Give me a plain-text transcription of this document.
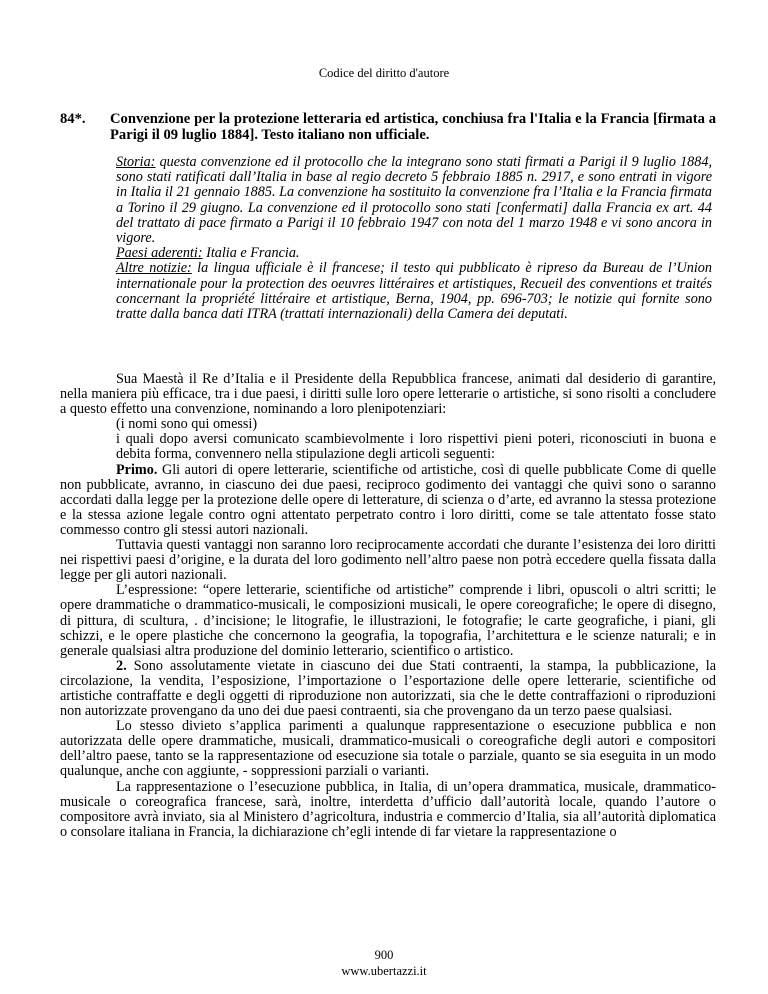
Codice del diritto d'autore
84*. Convenzione per la protezione letteraria ed artistica, conchiusa fra l'Italia e la Francia [firmata a Parigi il 09 luglio 1884]. Testo italiano non ufficiale.

Storia: questa convenzione ed il protocollo che la integrano sono stati firmati a Parigi il 9 luglio 1884, sono stati ratificati dall’Italia in base al regio decreto 5 febbraio 1885 n. 2917, e sono entrati in vigore in Italia il 21 gennaio 1885. La convenzione ha sostituito la convenzione fra l’Italia e la Francia firmata a Torino il 29 giugno. La convenzione ed il protocollo sono stati [confermati] dalla Francia ex art. 44 del trattato di pace firmato a Parigi il 10 febbraio 1947 con nota del 1 marzo 1948 e vi sono ancora in vigore.

Paesi aderenti: Italia e Francia.

Altre notizie: la lingua ufficiale è il francese; il testo qui pubblicato è ripreso da Bureau de l’Union internationale pour la protection des oeuvres littéraires et artistiques, Recueil des conventions et traités concernant la propriété littéraire et artistique, Berna, 1904, pp. 696-703; le notizie qui fornite sono tratte dalla banca dati ITRA (trattati internazionali) della Camera dei deputati.

Sua Maestà il Re d’Italia e il Presidente della Repubblica francese, animati dal desiderio di garantire, nella maniera più efficace, tra i due paesi, i diritti sulle loro opere letterarie o artistiche, si sono risolti a concludere a questo effetto una convenzione, nominando a loro plenipotenziari:

(i nomi sono qui omessi)

i quali dopo aversi comunicato scambievolmente i loro rispettivi pieni poteri, riconosciuti in buona e debita forma, convennero nella stipulazione degli articoli seguenti:

Primo. Gli autori di opere letterarie, scientifiche od artistiche, così di quelle pubblicate Come di quelle non pubblicate, avranno, in ciascuno dei due paesi, reciproco godimento dei vantaggi che quivi sono o saranno accordati dalla legge per la protezione delle opere di letterature, di scienza o d’arte, ed avranno la stessa protezione e la stessa azione legale contro ogni attentato perpetrato contro i loro diritti, come se tale attentato fosse stato commesso contro gli stessi autori nazionali.

Tuttavia questi vantaggi non saranno loro reciprocamente accordati che durante l’esistenza dei loro diritti nei rispettivi paesi d’origine, e la durata del loro godimento nell’altro paese non potrà eccedere quella fissata dalla legge per gli autori nazionali.

L’espressione: “opere letterarie, scientifiche od artistiche” comprende i libri, opuscoli o altri scritti; le opere drammatiche o drammatico-musicali, le composizioni musicali, le opere coreografiche; le opere di disegno, di pittura, di scultura, . d’incisione; le litografie, le illustrazioni, le fotografie; le carte geografiche, i piani, gli schizzi, e le opere plastiche che concernono la geografia, la topografia, l’architettura e le scienze naturali; e in generale qualsiasi altra produzione del dominio letterario, scientifico o artistico.

2. Sono assolutamente vietate in ciascuno dei due Stati contraenti, la stampa, la pubblicazione, la circolazione, la vendita, l’esposizione, l’importazione o l’esportazione delle opere letterarie, scientifiche od artistiche contraffatte e degli oggetti di riproduzione non autorizzati, sia che le dette contraffazioni o riproduzioni non autorizzate provengano da uno dei due paesi contraenti, sia che provengano da un terzo paese qualsiasi.

Lo stesso divieto s’applica parimenti a qualunque rappresentazione o esecuzione pubblica e non autorizzata delle opere drammatiche, musicali, drammatico-musicali o coreografiche degli autori e compositori dell’altro paese, tanto se la rappresentazione od esecuzione sia totale o parziale, quanto se sia eseguita in un modo qualunque, anche con aggiunte, - soppressioni parziali o varianti.

La rappresentazione o l’esecuzione pubblica, in Italia, di un’opera drammatica, musicale, drammatico-musicale o coreografica francese, sarà, inoltre, interdetta d’ufficio dall’autorità locale, quando l’autore o compositore avrà inviato, sia al Ministero d’agricoltura, industria e commercio d’Italia, sia all’autorità diplomatica o consolare italiana in Francia, la dichiarazione ch’egli intende di far vietare la rappresentazione o

900
www.ubertazzi.it
